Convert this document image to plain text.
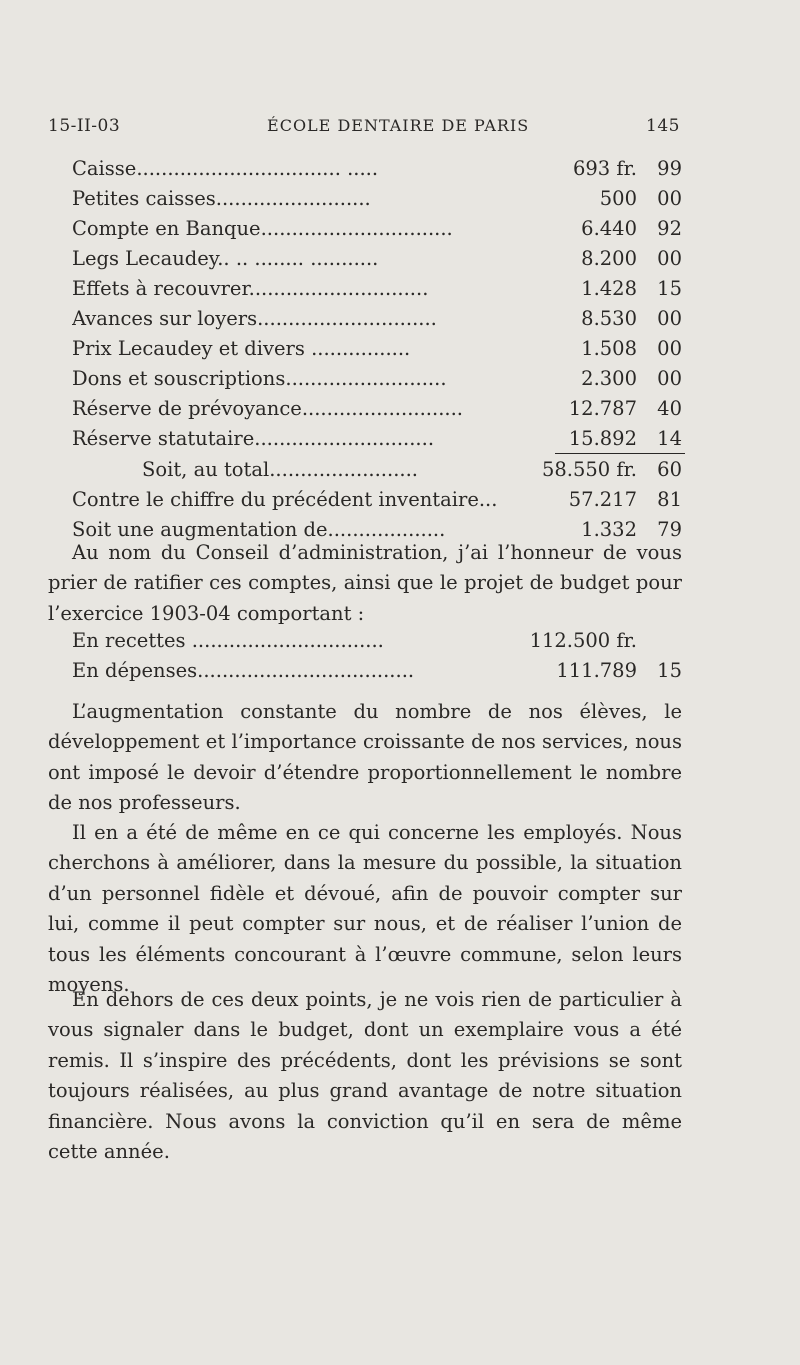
15-II-03	ÉCOLE DENTAIRE DE PARIS	145
Caisse................................. .....	693 fr.	99
Petites caisses.........................	500	00
Compte en Banque...............................	6.440	92
Legs Lecaudey.. .. ........ ...........	8.200	00
Effets à recouvrer.............................	1.428	15
Avances sur loyers.............................	8.530	00
Prix Lecaudey et divers ................	1.508	00
Dons et souscriptions..........................	2.300	00
Réserve de prévoyance..........................	12.787	40
Réserve statutaire.............................	15.892	14
Soit, au total........................	58.550 fr.	60
Contre le chiffre du précédent inventaire...	57.217	81
Soit une augmentation de...................	1.332	79

Au nom du Conseil d’administration, j’ai l’honneur de vous prier de ratifier ces comptes, ainsi que le projet de budget pour l’exercice 1903-04 comportant :

En recettes ...............................	112.500 fr.
En dépenses...................................	111.789	15

L’augmentation constante du nombre de nos élèves, le développement et l’importance croissante de nos services, nous ont imposé le devoir d’étendre proportionnellement le nombre de nos professeurs.

Il en a été de même en ce qui concerne les employés. Nous cherchons à améliorer, dans la mesure du possible, la situation d’un personnel fidèle et dévoué, afin de pouvoir compter sur lui, comme il peut compter sur nous, et de réaliser l’union de tous les éléments concourant à l’œuvre commune, selon leurs moyens.

En dehors de ces deux points, je ne vois rien de particulier à vous signaler dans le budget, dont un exemplaire vous a été remis. Il s’inspire des précédents, dont les prévisions se sont toujours réalisées, au plus grand avantage de notre situation financière. Nous avons la conviction qu’il en sera de même cette année.
